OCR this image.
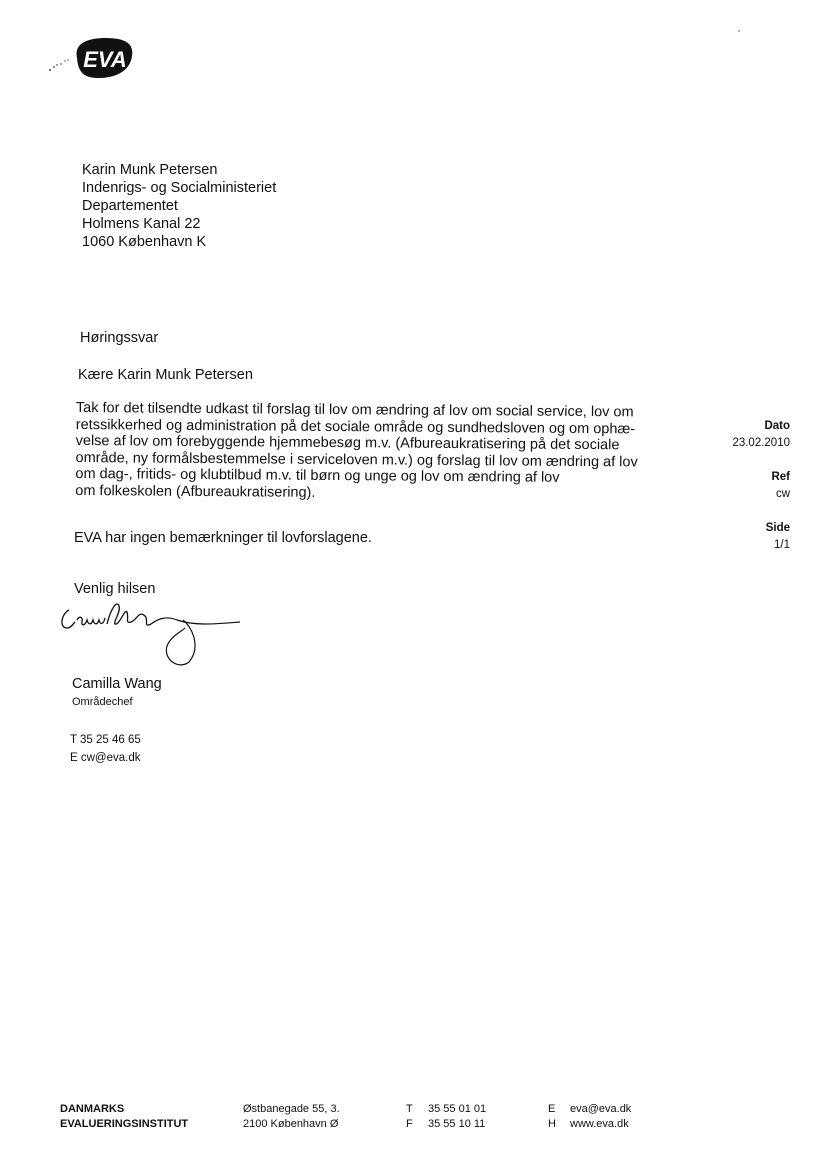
EVA
Karin Munk Petersen
Indenrigs- og Socialministeriet
Departementet
Holmens Kanal 22
1060 København K
Høringssvar
Kære Karin Munk Petersen
Tak for det tilsendte udkast til forslag til lov om ændring af lov om social service, lov om
retssikkerhed og administration på det sociale område og sundhedsloven og om ophæ-
velse af lov om forebyggende hjemmebesøg m.v. (Afbureaukratisering på det sociale
område, ny formålsbestemmelse i serviceloven m.v.) og forslag til lov om ændring af lov
om dag-, fritids- og klubtilbud m.v. til børn og unge og lov om ændring af lov
om folkeskolen (Afbureaukratisering).
EVA har ingen bemærkninger til lovforslagene.
Dato
23.02.2010
Ref
cw
Side
1/1
Venlig hilsen
Camilla Wang
Områdechef
T 35 25 46 65
E cw@eva.dk
DANMARKS
EVALUERINGSINSTITUT
Østbanegade 55, 3.
2100 København Ø
T 35 55 01 01
F 35 55 10 11
E eva@eva.dk
H www.eva.dk
